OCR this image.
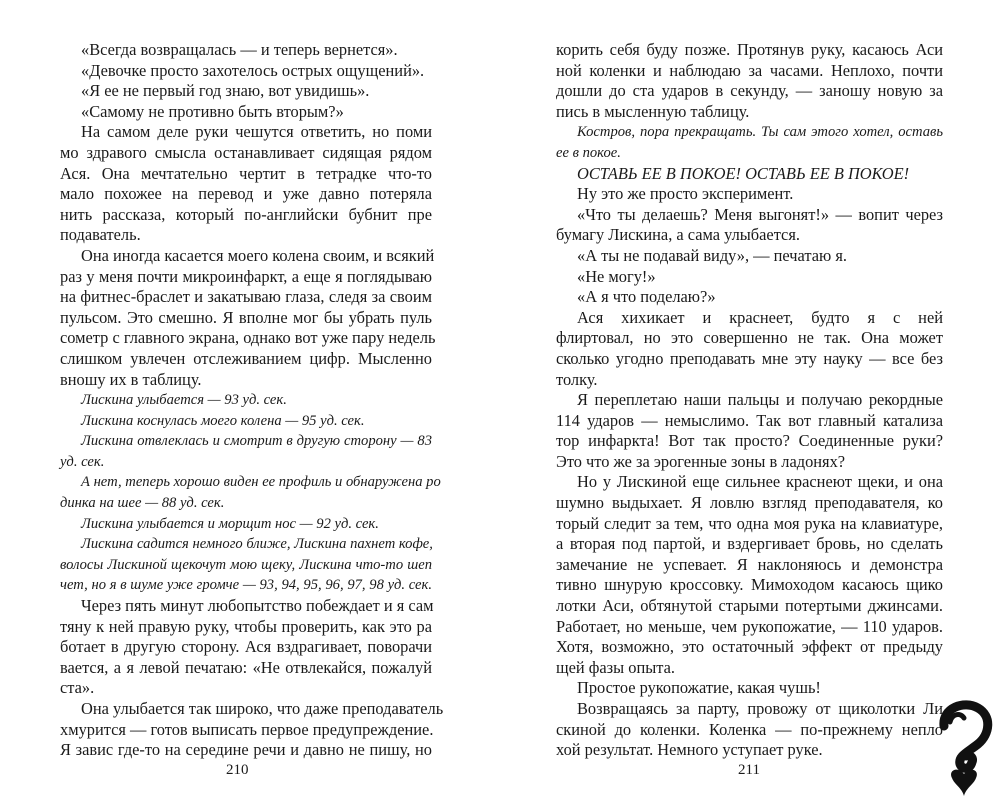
«Всегда возвращалась — и теперь вернется».
«Девочке просто захотелось острых ощущений».
«Я ее не первый год знаю, вот увидишь».
«Самому не противно быть вторым?»
На самом деле руки чешутся ответить, но поми
мо здравого смысла останавливает сидящая рядом
Ася. Она мечтательно чертит в тетрадке что-то
мало похожее на перевод и уже давно потеряла
нить рассказа, который по-английски бубнит пре
подаватель.
Она иногда касается моего колена своим, и всякий
раз у меня почти микроинфаркт, а еще я поглядываю
на фитнес-браслет и закатываю глаза, следя за своим
пульсом. Это смешно. Я вполне мог бы убрать пуль
сометр с главного экрана, однако вот уже пару недель
слишком увлечен отслеживанием цифр. Мысленно
вношу их в таблицу.
Лискина улыбается — 93 уд. сек.
Лискина коснулась моего колена — 95 уд. сек.
Лискина отвлеклась и смотрит в другую сторону — 83
уд. сек.
А нет, теперь хорошо виден ее профиль и обнаружена ро
динка на шее — 88 уд. сек.
Лискина улыбается и морщит нос — 92 уд. сек.
Лискина садится немного ближе, Лискина пахнет кофе,
волосы Лискиной щекочут мою щеку, Лискина что-то шеп
чет, но я в шуме уже громче — 93, 94, 95, 96, 97, 98 уд. сек.
Через пять минут любопытство побеждает и я сам
тяну к ней правую руку, чтобы проверить, как это ра
ботает в другую сторону. Ася вздрагивает, поворачи
вается, а я левой печатаю: «Не отвлекайся, пожалуй
ста».
Она улыбается так широко, что даже преподаватель
хмурится — готов выписать первое предупреждение.
Я завис где-то на середине речи и давно не пишу, но
корить себя буду позже. Протянув руку, касаюсь Аси
ной коленки и наблюдаю за часами. Неплохо, почти
дошли до ста ударов в секунду, — заношу новую за
пись в мысленную таблицу.
Костров, пора прекращать. Ты сам этого хотел, оставь
ее в покое.
ОСТАВЬ ЕЕ В ПОКОЕ! ОСТАВЬ ЕЕ В ПОКОЕ!
Ну это же просто эксперимент.
«Что ты делаешь? Меня выгонят!» — вопит через
бумагу Лискина, а сама улыбается.
«А ты не подавай виду», — печатаю я.
«Не могу!»
«А я что поделаю?»
Ася хихикает и краснеет, будто я с ней
флиртовал, но это совершенно не так. Она может
сколько угодно преподавать мне эту науку — все без
толку.
Я переплетаю наши пальцы и получаю рекордные
114 ударов — немыслимо. Так вот главный катализа
тор инфаркта! Вот так просто? Соединенные руки?
Это что же за эрогенные зоны в ладонях?
Но у Лискиной еще сильнее краснеют щеки, и она
шумно выдыхает. Я ловлю взгляд преподавателя, ко
торый следит за тем, что одна моя рука на клавиатуре,
а вторая под партой, и вздергивает бровь, но сделать
замечание не успевает. Я наклоняюсь и демонстра
тивно шнурую кроссовку. Мимоходом касаюсь щико
лотки Аси, обтянутой старыми потертыми джинсами.
Работает, но меньше, чем рукопожатие, — 110 ударов.
Хотя, возможно, это остаточный эффект от предыду
щей фазы опыта.
Простое рукопожатие, какая чушь!
Возвращаясь за парту, провожу от щиколотки Ли
скиной до коленки. Коленка — по-прежнему непло
хой результат. Немного уступает руке.
210	211
